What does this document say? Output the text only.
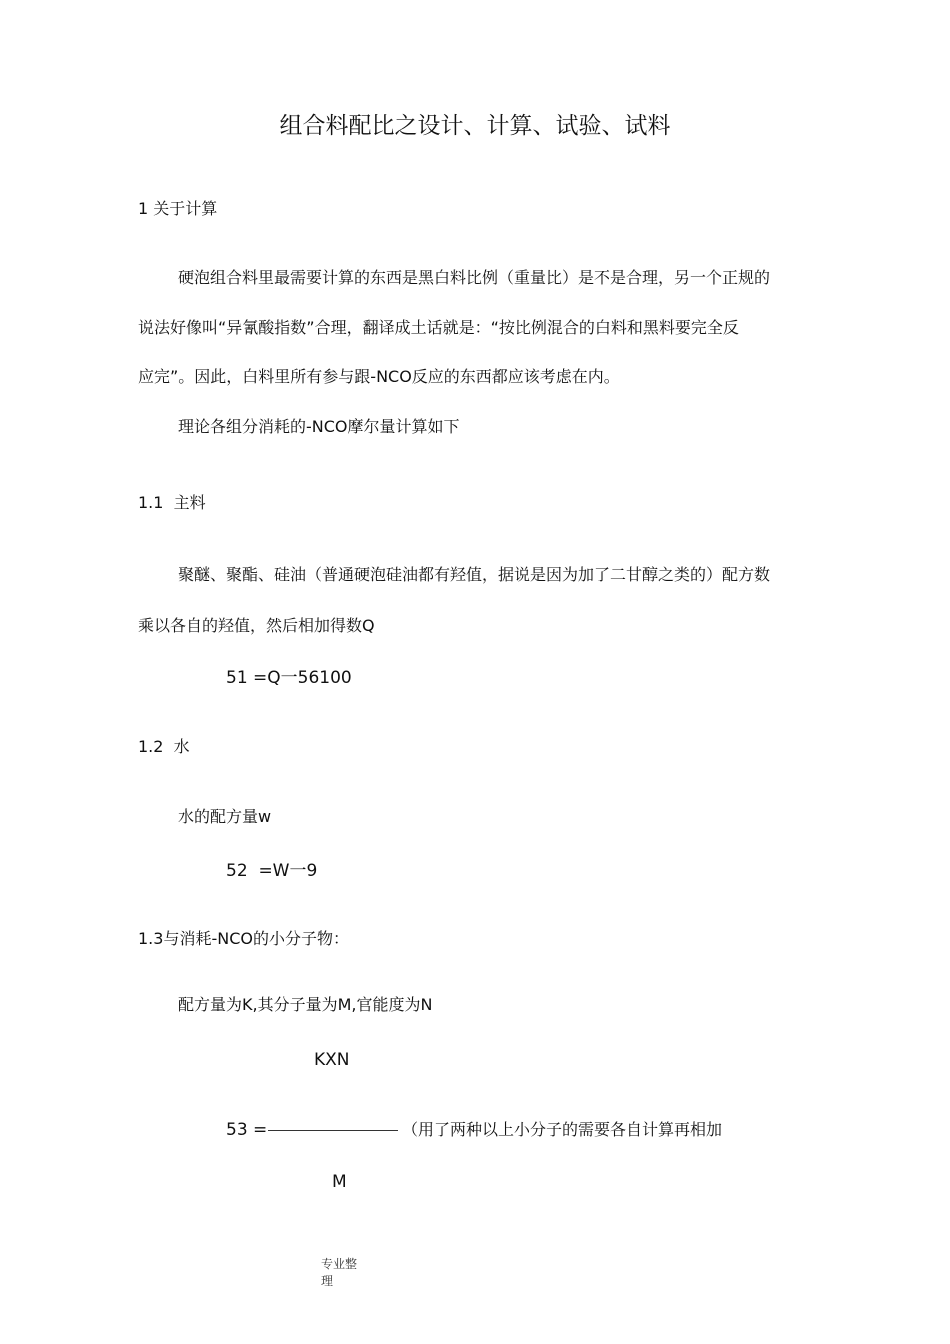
组合料配比之设计、计算、试验、试料
1 关于计算
硬泡组合料里最需要计算的东西是黑白料比例（重量比）是不是合理，另一个正规的
说法好像叫“异氰酸指数”合理，翻译成土话就是：“按比例混合的白料和黑料要完全反
应完”。因此，白料里所有参与跟-NCO反应的东西都应该考虑在内。
理论各组分消耗的-NCO摩尔量计算如下
1.1  主料
聚醚、聚酯、硅油（普通硬泡硅油都有羟值，据说是因为加了二甘醇之类的）配方数
乘以各自的羟值，然后相加得数Q
51 =Q一56100
1.2  水
水的配方量w
52  =W一9
1.3与消耗-NCO的小分子物：
配方量为K,其分子量为M,官能度为N
KXN
53 =	（用了两种以上小分子的需要各自计算再相加
M
专业整
理
